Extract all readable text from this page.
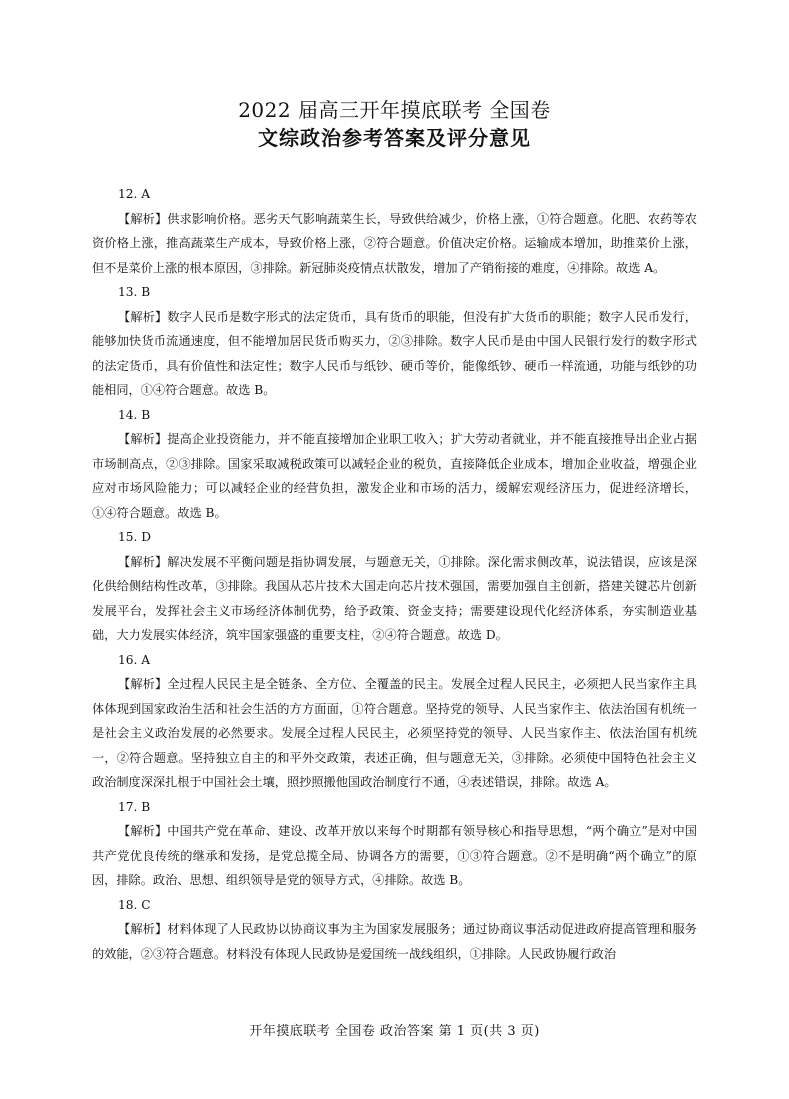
2022 届高三开年摸底联考 全国卷
文综政治参考答案及评分意见
12. A

【解析】供求影响价格。恶劣天气影响蔬菜生长，导致供给减少，价格上涨，①符合题意。化肥、农药等农资价格上涨，推高蔬菜生产成本，导致价格上涨，②符合题意。价值决定价格。运输成本增加，助推菜价上涨，但不是菜价上涨的根本原因，③排除。新冠肺炎疫情点状散发，增加了产销衔接的难度，④排除。故选 A。

13. B

【解析】数字人民币是数字形式的法定货币，具有货币的职能，但没有扩大货币的职能；数字人民币发行，能够加快货币流通速度，但不能增加居民货币购买力，②③排除。数字人民币是由中国人民银行发行的数字形式的法定货币，具有价值性和法定性；数字人民币与纸钞、硬币等价，能像纸钞、硬币一样流通，功能与纸钞的功能相同，①④符合题意。故选 B。

14. B

【解析】提高企业投资能力，并不能直接增加企业职工收入；扩大劳动者就业，并不能直接推导出企业占据市场制高点，②③排除。国家采取减税政策可以减轻企业的税负，直接降低企业成本，增加企业收益，增强企业应对市场风险能力；可以减轻企业的经营负担，激发企业和市场的活力，缓解宏观经济压力，促进经济增长，①④符合题意。故选 B。

15. D

【解析】解决发展不平衡问题是指协调发展，与题意无关，①排除。深化需求侧改革，说法错误，应该是深化供给侧结构性改革，③排除。我国从芯片技术大国走向芯片技术强国，需要加强自主创新，搭建关键芯片创新发展平台，发挥社会主义市场经济体制优势，给予政策、资金支持；需要建设现代化经济体系，夯实制造业基础，大力发展实体经济，筑牢国家强盛的重要支柱，②④符合题意。故选 D。

16. A

【解析】全过程人民民主是全链条、全方位、全覆盖的民主。发展全过程人民民主，必须把人民当家作主具体体现到国家政治生活和社会生活的方方面面，①符合题意。坚持党的领导、人民当家作主、依法治国有机统一是社会主义政治发展的必然要求。发展全过程人民民主，必须坚持党的领导、人民当家作主、依法治国有机统一，②符合题意。坚持独立自主的和平外交政策，表述正确，但与题意无关，③排除。必须使中国特色社会主义政治制度深深扎根于中国社会土壤，照抄照搬他国政治制度行不通，④表述错误，排除。故选 A。

17. B

【解析】中国共产党在革命、建设、改革开放以来每个时期都有领导核心和指导思想，“两个确立”是对中国共产党优良传统的继承和发扬，是党总揽全局、协调各方的需要，①③符合题意。②不是明确“两个确立”的原因，排除。政治、思想、组织领导是党的领导方式，④排除。故选 B。

18. C

【解析】材料体现了人民政协以协商议事为主为国家发展服务；通过协商议事活动促进政府提高管理和服务的效能，②③符合题意。材料没有体现人民政协是爱国统一战线组织，①排除。人民政协履行政治

开年摸底联考 全国卷 政治答案 第 1 页(共 3 页)
